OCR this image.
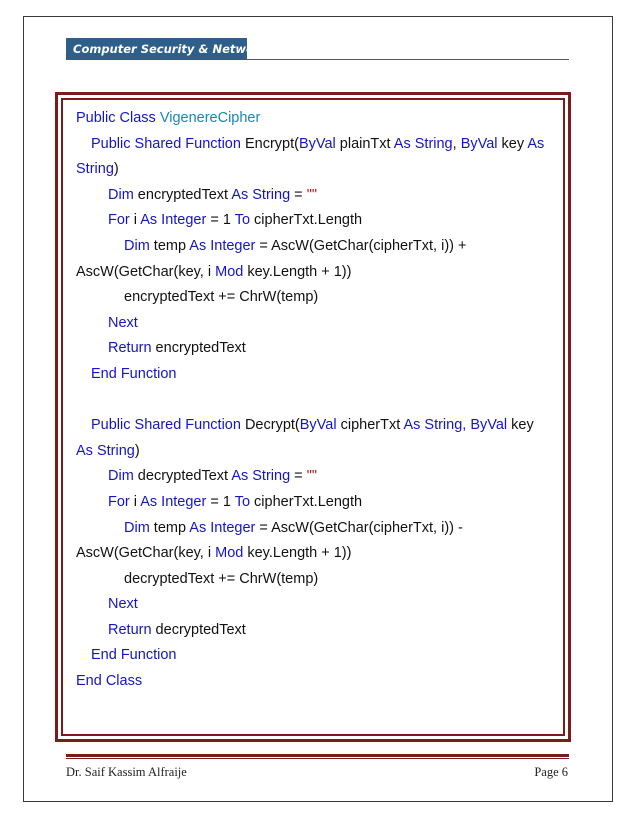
Computer Security & Networks
Public Class VigenereCipher
Public Shared Function Encrypt(ByVal plainTxt As String, ByVal key As
String)
Dim encryptedText As String = ""
For i As Integer = 1 To cipherTxt.Length
Dim temp As Integer = AscW(GetChar(cipherTxt, i)) +
AscW(GetChar(key, i Mod key.Length + 1))
encryptedText += ChrW(temp)
Next
Return encryptedText
End Function
Public Shared Function Decrypt(ByVal cipherTxt As String, ByVal key
As String)
Dim decryptedText As String = ""
For i As Integer = 1 To cipherTxt.Length
Dim temp As Integer = AscW(GetChar(cipherTxt, i)) -
AscW(GetChar(key, i Mod key.Length + 1))
decryptedText += ChrW(temp)
Next
Return decryptedText
End Function
End Class
Dr. Saif Kassim Alfraije	Page 6
